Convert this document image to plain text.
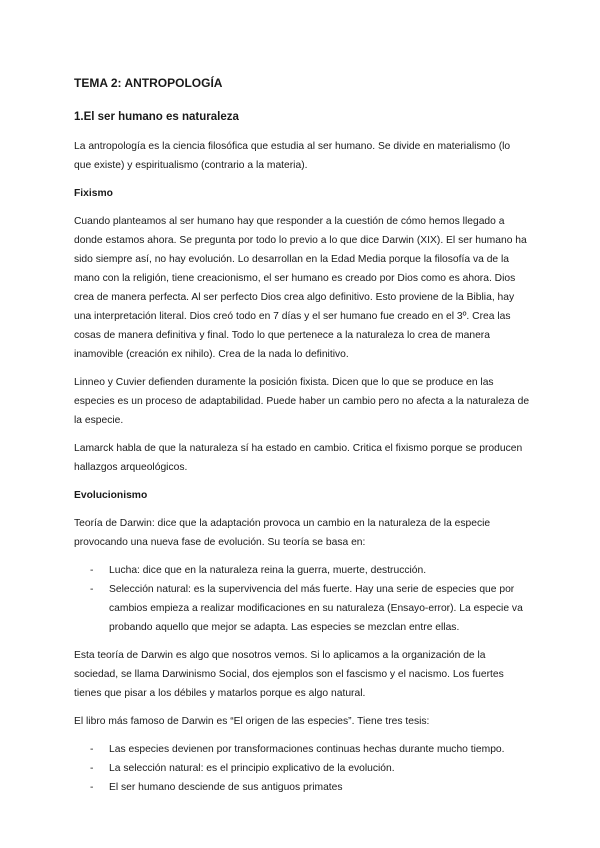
TEMA 2: ANTROPOLOGÍA
1.El ser humano es naturaleza

La antropología es la ciencia filosófica que estudia al ser humano. Se divide en materialismo (lo que existe) y espiritualismo (contrario a la materia).

Fixismo

Cuando planteamos al ser humano hay que responder a la cuestión de cómo hemos llegado a donde estamos ahora. Se pregunta por todo lo previo a lo que dice Darwin (XIX). El ser humano ha sido siempre así, no hay evolución. Lo desarrollan en la Edad Media porque la filosofía va de la mano con la religión, tiene creacionismo, el ser humano es creado por Dios como es ahora. Dios crea de manera perfecta. Al ser perfecto Dios crea algo definitivo. Esto proviene de la Biblia, hay una interpretación literal. Dios creó todo en 7 días y el ser humano fue creado en el 3º. Crea las cosas de manera definitiva y final. Todo lo que pertenece a la naturaleza lo crea de manera inamovible (creación ex nihilo). Crea de la nada lo definitivo.

Linneo y Cuvier defienden duramente la posición fixista. Dicen que lo que se produce en las especies es un proceso de adaptabilidad. Puede haber un cambio pero no afecta a la naturaleza de la especie.

Lamarck habla de que la naturaleza sí ha estado en cambio. Critica el fixismo porque se producen hallazgos arqueológicos.

Evolucionismo

Teoría de Darwin: dice que la adaptación provoca un cambio en la naturaleza de la especie provocando una nueva fase de evolución. Su teoría se basa en:

- Lucha: dice que en la naturaleza reina la guerra, muerte, destrucción.
- Selección natural: es la supervivencia del más fuerte. Hay una serie de especies que por cambios empieza a realizar modificaciones en su naturaleza (Ensayo-error). La especie va probando aquello que mejor se adapta. Las especies se mezclan entre ellas.

Esta teoría de Darwin es algo que nosotros vemos. Si lo aplicamos a la organización de la sociedad, se llama Darwinismo Social, dos ejemplos son el fascismo y el nacismo. Los fuertes tienes que pisar a los débiles y matarlos porque es algo natural.

El libro más famoso de Darwin es “El origen de las especies”. Tiene tres tesis:

- Las especies devienen por transformaciones continuas hechas durante mucho tiempo.
- La selección natural: es el principio explicativo de la evolución.
- El ser humano desciende de sus antiguos primates
